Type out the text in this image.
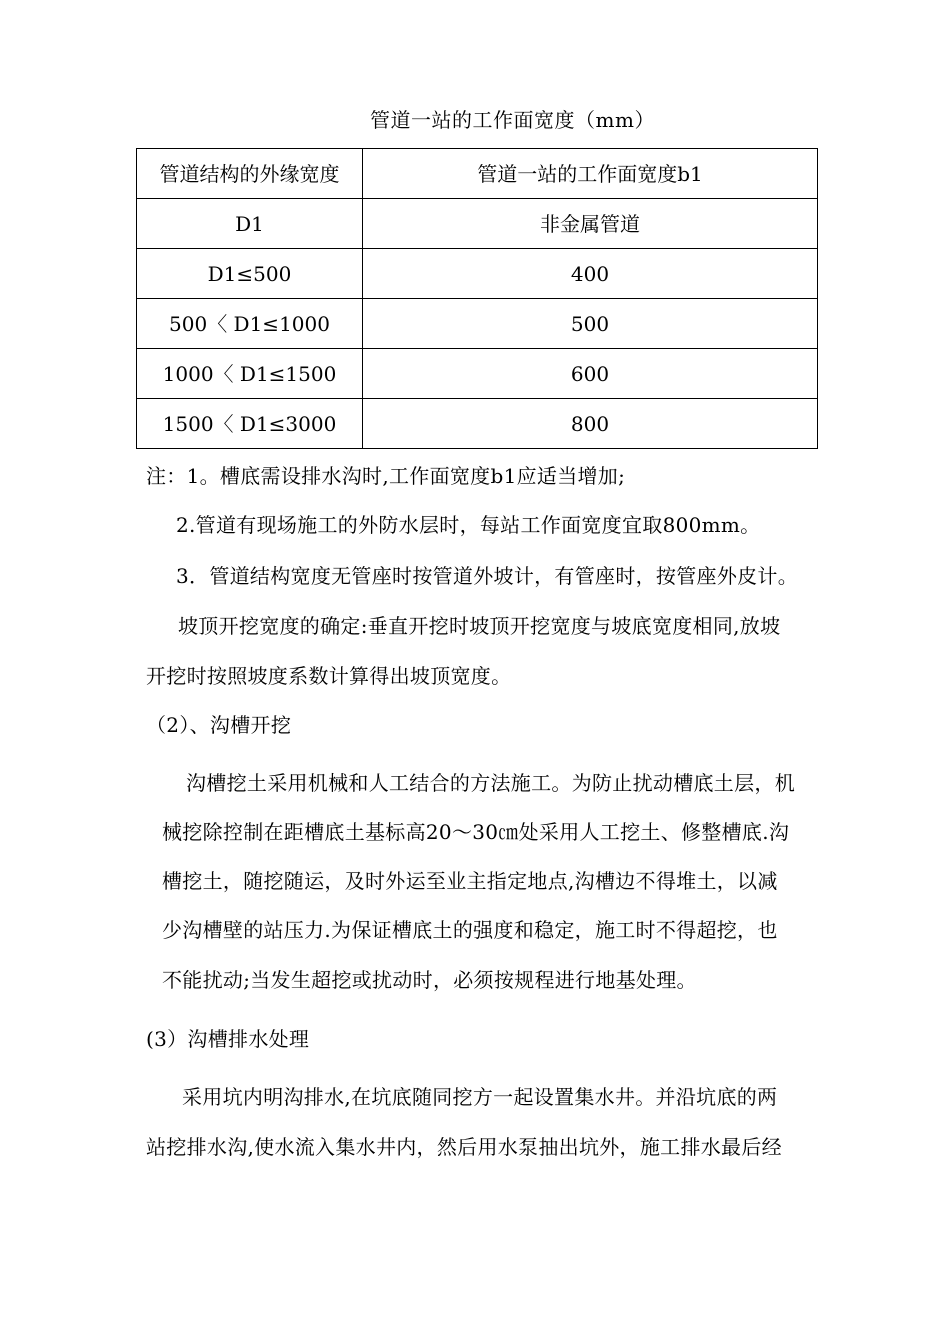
管道一站的工作面宽度（mm）
管道结构的外缘宽度	管道一站的工作面宽度b1
D1	非金属管道
D1≤500	400
500〈 D1≤1000	500
1000〈 D1≤1500	600
1500〈 D1≤3000	800
注：1。槽底需设排水沟时,工作面宽度b1应适当增加;
2.管道有现场施工的外防水层时，每站工作面宽度宜取800mm。
3．管道结构宽度无管座时按管道外坡计，有管座时，按管座外皮计。
坡顶开挖宽度的确定:垂直开挖时坡顶开挖宽度与坡底宽度相同,放坡
开挖时按照坡度系数计算得出坡顶宽度。
（2）、沟槽开挖
沟槽挖土采用机械和人工结合的方法施工。为防止扰动槽底土层，机
械挖除控制在距槽底土基标高20～30㎝处采用人工挖土、修整槽底.沟
槽挖土，随挖随运，及时外运至业主指定地点,沟槽边不得堆土，以减
少沟槽壁的站压力.为保证槽底土的强度和稳定，施工时不得超挖，也
不能扰动;当发生超挖或扰动时，必须按规程进行地基处理。
(3）沟槽排水处理
采用坑内明沟排水,在坑底随同挖方一起设置集水井。并沿坑底的两
站挖排水沟,使水流入集水井内，然后用水泵抽出坑外，施工排水最后经
